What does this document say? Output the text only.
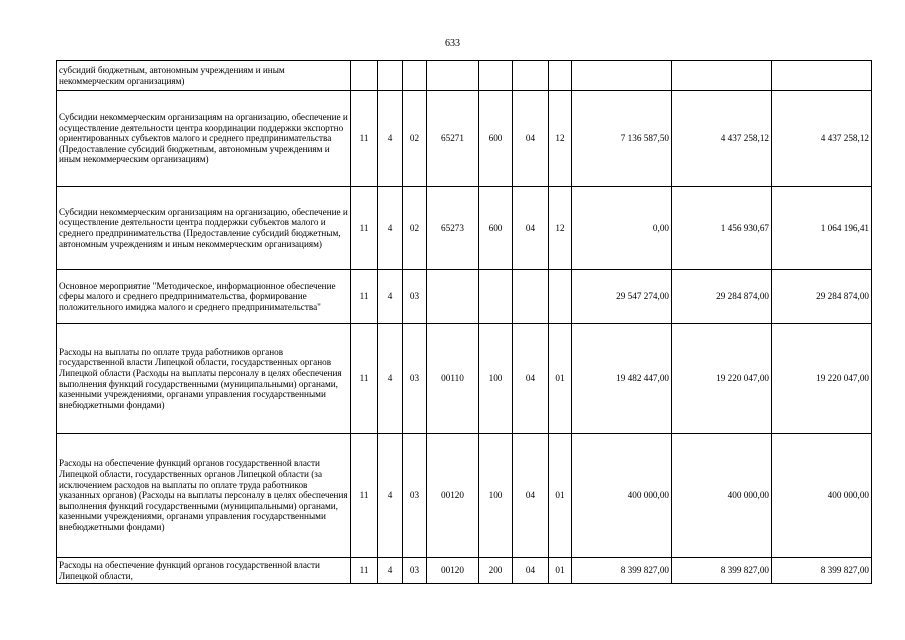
633
субсидий бюджетным, автономным учреждениям и иным некоммерческим организациям)										
Субсидии некоммерческим организациям на организацию, обеспечение и осуществление деятельности центра координации поддержки экспортно ориентированных субъектов малого и среднего предпринимательства (Предоставление субсидий бюджетным, автономным учреждениям и иным некоммерческим организациям)	11	4	02	65271	600	04	12	7 136 587,50	4 437 258,12	4 437 258,12
Субсидии некоммерческим организациям на организацию, обеспечение и осуществление деятельности центра поддержки субъектов малого и среднего предпринимательства (Предоставление субсидий бюджетным, автономным учреждениям и иным некоммерческим организациям)	11	4	02	65273	600	04	12	0,00	1 456 930,67	1 064 196,41
Основное мероприятие "Методическое, информационное обеспечение сферы малого и среднего предпринимательства, формирование положительного имиджа малого и среднего предпринимательства"	11	4	03					29 547 274,00	29 284 874,00	29 284 874,00
Расходы на выплаты по оплате труда работников органов государственной власти Липецкой области, государственных органов Липецкой области (Расходы на выплаты персоналу в целях обеспечения выполнения функций государственными (муниципальными) органами, казенными учреждениями, органами управления государственными внебюджетными фондами)	11	4	03	00110	100	04	01	19 482 447,00	19 220 047,00	19 220 047,00
Расходы на обеспечение функций органов государственной власти Липецкой области, государственных органов Липецкой области (за исключением расходов на выплаты по оплате труда работников указанных органов) (Расходы на выплаты персоналу в целях обеспечения выполнения функций государственными (муниципальными) органами, казенными учреждениями, органами управления государственными внебюджетными фондами)	11	4	03	00120	100	04	01	400 000,00	400 000,00	400 000,00
Расходы на обеспечение функций органов государственной власти Липецкой области,	11	4	03	00120	200	04	01	8 399 827,00	8 399 827,00	8 399 827,00
